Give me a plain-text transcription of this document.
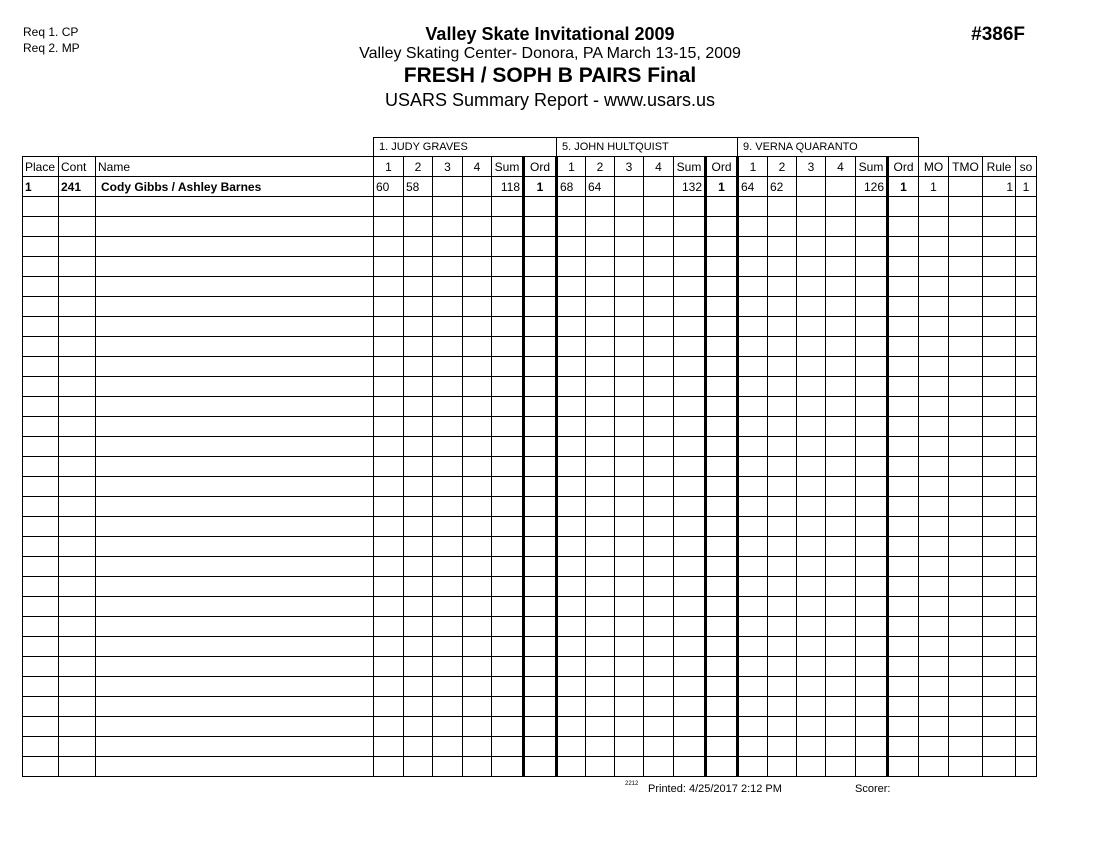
Req 1. CP
Req 2. MP
Valley Skate Invitational 2009
Valley Skating Center- Donora, PA March 13-15, 2009
FRESH / SOPH B PAIRS Final
USARS Summary Report - www.usars.us
#386F
			1. JUDY GRAVES						5. JOHN HULTQUIST						9. VERNA QUARANTO									
Place	Cont	Name	1	2	3	4	Sum	Ord	1	2	3	4	Sum	Ord	1	2	3	4	Sum	Ord	MO	TMO	Rule	so
1	241	Cody Gibbs / Ashley Barnes	60	58			118	1	68	64			132	1	64	62			126	1	1		1	1

2212 Printed: 4/25/2017 2:12 PM	Scorer:
